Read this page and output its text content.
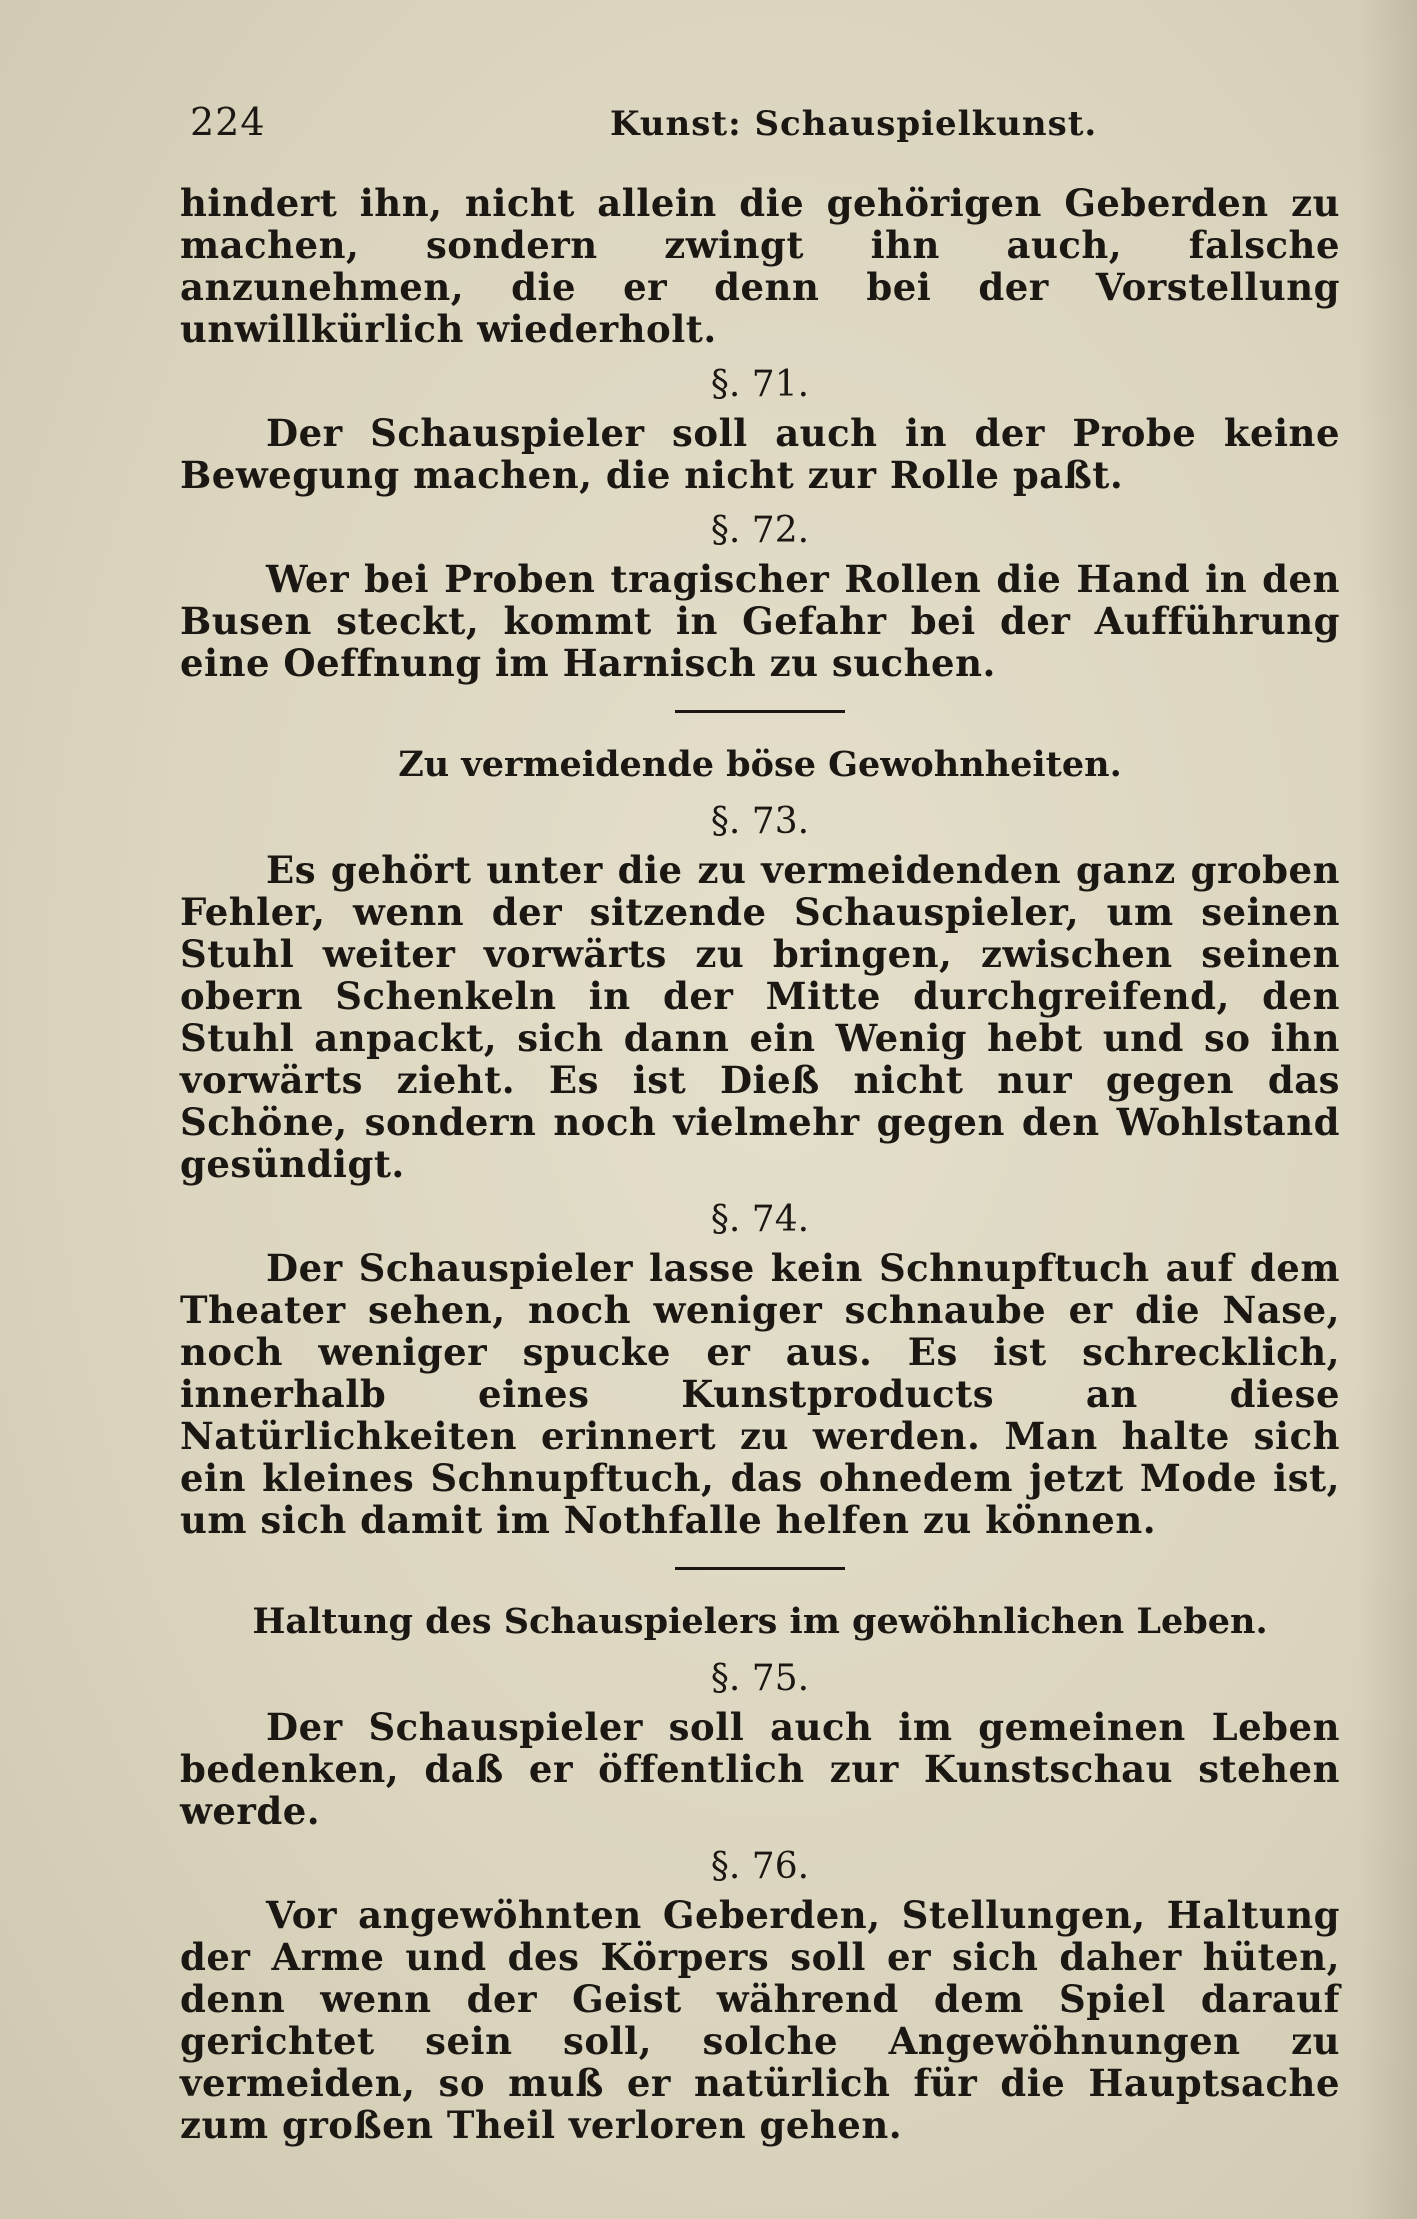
224	Kunst: Schauspielkunst.

hindert ihn, nicht allein die gehörigen Geberden zu machen, sondern zwingt ihn auch, falsche anzunehmen, die er denn bei der Vorstellung unwillkürlich wiederholt.

§. 71.

Der Schauspieler soll auch in der Probe keine Bewegung machen, die nicht zur Rolle paßt.

§. 72.

Wer bei Proben tragischer Rollen die Hand in den Busen steckt, kommt in Gefahr bei der Aufführung eine Oeffnung im Harnisch zu suchen.

Zu vermeidende böse Gewohnheiten.
§. 73.

Es gehört unter die zu vermeidenden ganz groben Fehler, wenn der sitzende Schauspieler, um seinen Stuhl weiter vorwärts zu bringen, zwischen seinen obern Schenkeln in der Mitte durchgreifend, den Stuhl anpackt, sich dann ein Wenig hebt und so ihn vorwärts zieht. Es ist Dieß nicht nur gegen das Schöne, sondern noch vielmehr gegen den Wohlstand gesündigt.

§. 74.

Der Schauspieler lasse kein Schnupftuch auf dem Theater sehen, noch weniger schnaube er die Nase, noch weniger spucke er aus. Es ist schrecklich, innerhalb eines Kunstproducts an diese Natürlichkeiten erinnert zu werden. Man halte sich ein kleines Schnupftuch, das ohnedem jetzt Mode ist, um sich damit im Nothfalle helfen zu können.

Haltung des Schauspielers im gewöhnlichen Leben.
§. 75.

Der Schauspieler soll auch im gemeinen Leben bedenken, daß er öffentlich zur Kunstschau stehen werde.

§. 76.

Vor angewöhnten Geberden, Stellungen, Haltung der Arme und des Körpers soll er sich daher hüten, denn wenn der Geist während dem Spiel darauf gerichtet sein soll, solche Angewöhnungen zu vermeiden, so muß er natürlich für die Hauptsache zum großen Theil verloren gehen.
